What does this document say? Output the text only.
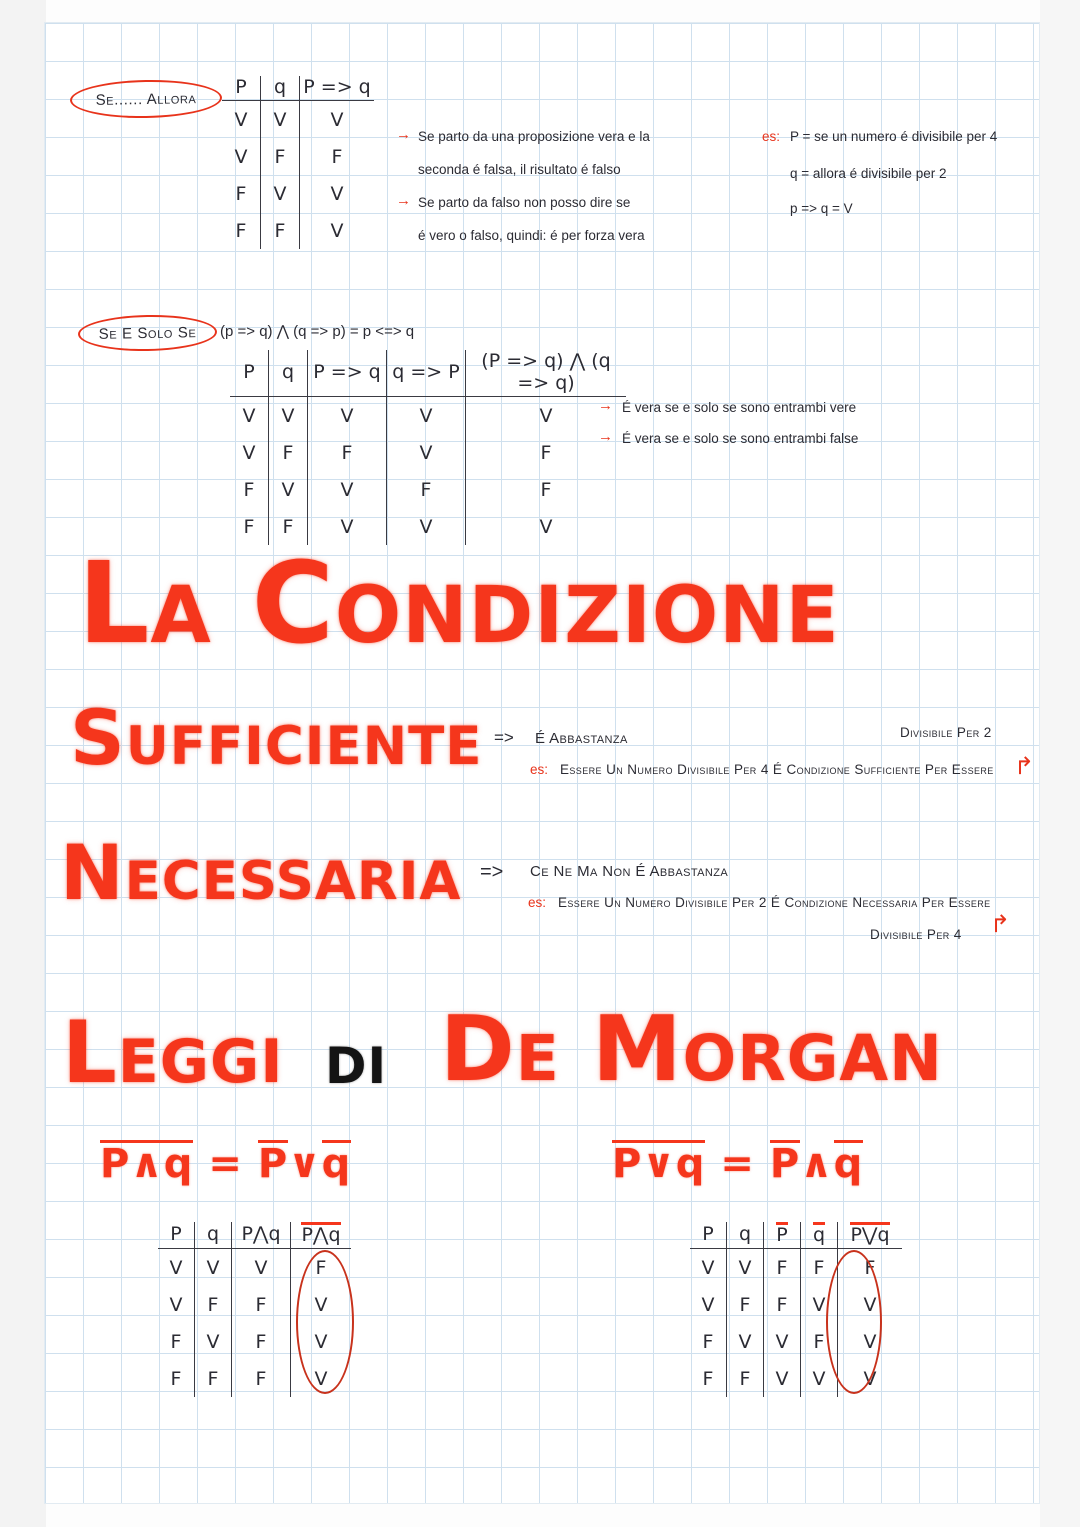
Se...... Allora
P	q	P => q
V	V	V
V	F	F
F	V	V
F	F	V
→ Se parto da una proposizione vera e la
seconda é falsa, il risultato é falso
→ Se parto da falso non posso dire se
é vero o falso, quindi: é per forza vera
es: P = se un numero é divisibile per 4
q = allora é divisibile per 2
p => q = V
Se E Solo Se (p => q) ⋀ (q => p) = p <=> q
P	q	P => q	q => P	(P => q) ⋀ (q => q)
V	V	V	V	V
V	F	F	V	F
F	V	V	F	F
F	F	V	V	V
→ É vera se e solo se sono entrambi vere
→ É vera se e solo se sono entrambi false
La Condizione
Sufficiente => É Abbastanza
es: Essere Un Numero Divisibile Per 4 É Condizione Sufficiente Per Essere
Divisibile Per 2
↱
Necessaria => Ce Ne Ma Non É Abbastanza
es: Essere Un Numero Divisibile Per 2 É Condizione Necessaria Per Essere
Divisibile Per 4 ↱
Leggi di De Morgan
P∧q = P∨q	P∨q = P∧q
P	q	P⋀q	P⋀q
V	V	V	F
V	F	F	V
F	V	F	V
F	F	F	V
P	q	P	q	P⋁q
V	V	F	F	F
V	F	F	V	V
F	V	V	F	V
F	F	V	V	V
